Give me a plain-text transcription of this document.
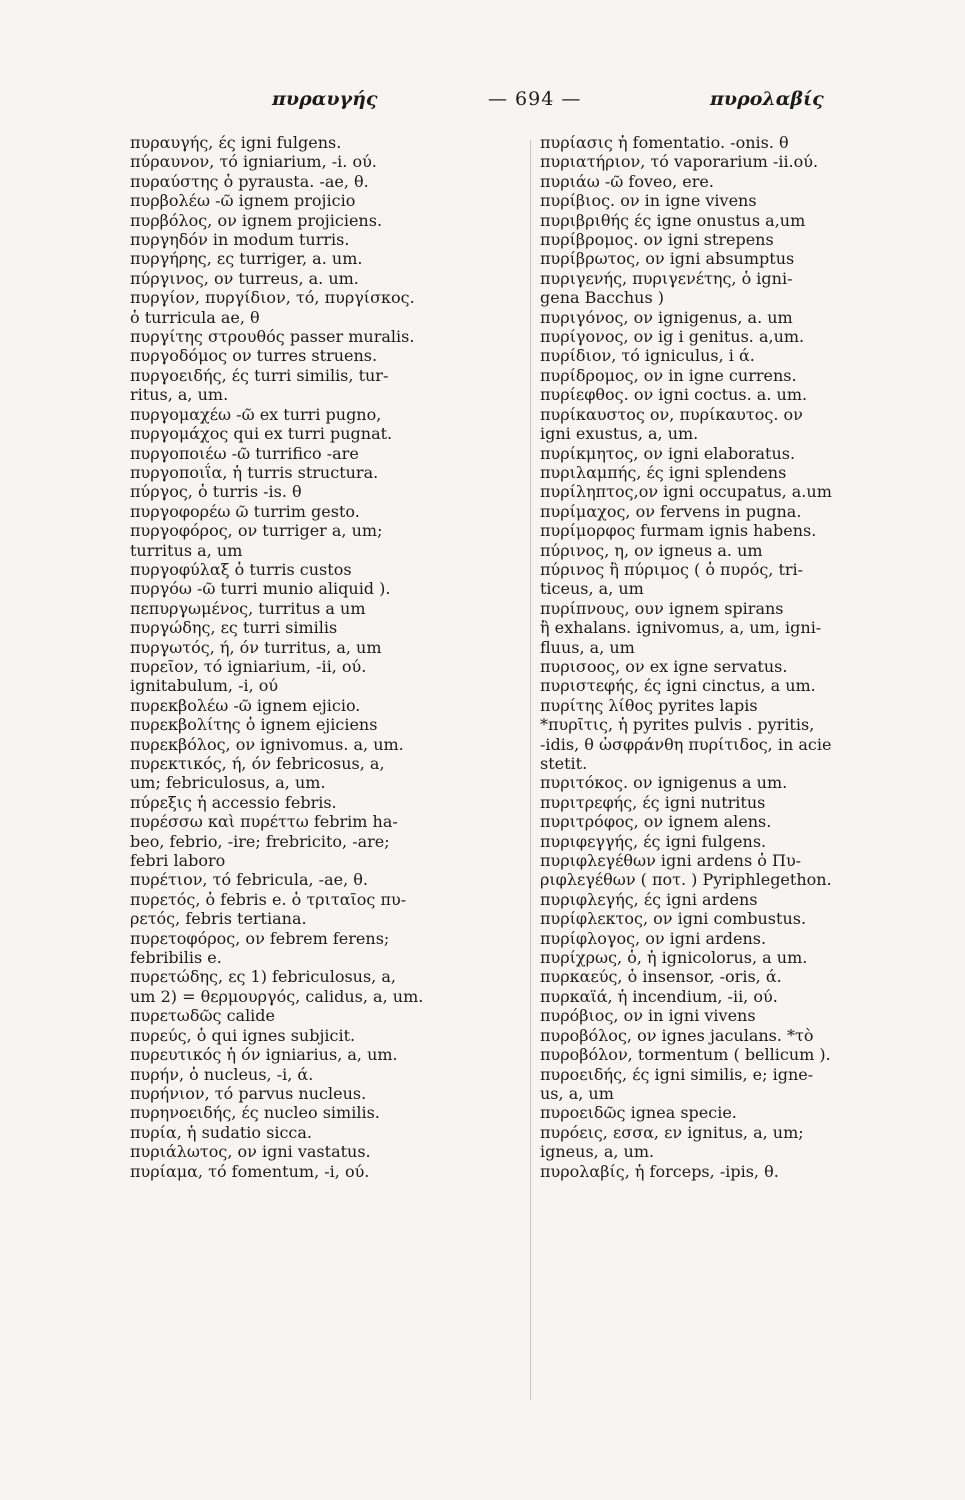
πυραυγής	— 694 —	πυρολαβίς
πυραυγής, ές igni fulgens.
πύραυνον, τό igniarium, -i. ού.
πυραύστης ὁ pyrausta. -ae, θ.
πυρβολέω -ῶ ignem projicio
πυρβόλος, ον ignem projiciens.
πυργηδόν in modum turris.
πυργήρης, ες turriger, a. um.
πύργινος, ον turreus, a. um.
πυργίον, πυργίδιον, τό, πυργίσκος.
ὁ turricula ae, θ
πυργίτης στρουθός passer muralis.
πυργοδόμος ον turres struens.
πυργοειδής, ές turri similis, tur-
ritus, a, um.
πυργομαχέω -ῶ ex turri pugno,
πυργομάχος qui ex turri pugnat.
πυργοποιέω -ῶ turrifico -are
πυργοποιΐα, ἡ turris structura.
πύργος, ὁ turris -is. θ
πυργοφορέω ῶ turrim gesto.
πυργοφόρος, ον turriger a, um;
turritus a, um
πυργοφύλαξ ὁ turris custos
πυργόω -ῶ turri munio aliquid ).
πεπυργωμένος, turritus a um
πυργώδης, ες turri similis
πυργωτός, ή, όν turritus, a, um
πυρεῖον, τό igniarium, -ii, ού.
ignitabulum, -i, ού
πυρεκβολέω -ῶ ignem ejicio.
πυρεκβολίτης ὁ ignem ejiciens
πυρεκβόλος, ον ignivomus. a, um.
πυρεκτικός, ή, όν febricosus, a,
um; febriculosus, a, um.
πύρεξις ἡ accessio febris.
πυρέσσω καὶ πυρέττω febrim ha-
beo, febrio, -ire; frebricito, -are;
febri laboro
πυρέτιον, τό febricula, -ae, θ.
πυρετός, ὁ febris e. ὁ τριταῖος πυ-
ρετός, febris tertiana.
πυρετοφόρος, ον febrem ferens;
febribilis e.
πυρετώδης, ες 1) febriculosus, a,
um 2) = θερμουργός, calidus, a, um.
πυρετωδῶς calide
πυρεύς, ὁ qui ignes subjicit.
πυρευτικός ἡ όν igniarius, a, um.
πυρήν, ὁ nucleus, -i, ά.
πυρήνιον, τό parvus nucleus.
πυρηνοειδής, ές nucleo similis.
πυρία, ἡ sudatio sicca.
πυριάλωτος, ον igni vastatus.
πυρίαμα, τό fomentum, -i, ού.
πυρίασις ἡ fomentatio. -onis. θ
πυριατήριον, τό vaporarium -ii.ού.
πυριάω -ῶ foveo, ere.
πυρίβιος. ον in igne vivens
πυριβριθής ές igne onustus a,um
πυρίβρομος. ον igni strepens
πυρίβρωτος, ον igni absumptus
πυριγενής, πυριγενέτης, ὁ igni-
gena Bacchus )
πυριγόνος, ον ignigenus, a. um
πυρίγονος, ον ig i genitus. a,um.
πυρίδιον, τό igniculus, i ά.
πυρίδρομος, ον in igne currens.
πυρίεφθος. ον igni coctus. a. um.
πυρίκαυστος ον, πυρίκαυτος. ον
igni exustus, a, um.
πυρίκμητος, ον igni elaboratus.
πυριλαμπής, ές igni splendens
πυρίληπτος,ον igni occupatus, a.um
πυρίμαχος, ον fervens in pugna.
πυρίμορφος furmam ignis habens.
πύρινος, η, ον igneus a. um
πύρινος ἢ πύριμος ( ὁ πυρός, tri-
ticeus, a, um
πυρίπνους, ουν ignem spirans
ἢ exhalans. ignivomus, a, um, igni-
fluus, a, um
πυρισοος, ον ex igne servatus.
πυριστεφής, ές igni cinctus, a um.
πυρίτης λίθος pyrites lapis
*πυρῖτις, ἡ pyrites pulvis . pyritis,
-idis, θ ὡσφράνθη πυρίτιδος, in acie
stetit.
πυριτόκος. ον ignigenus a um.
πυριτρεφής, ές igni nutritus
πυριτρόφος, ον ignem alens.
πυριφεγγής, ές igni fulgens.
πυριφλεγέθων igni ardens ὁ Πυ-
ριφλεγέθων ( ποτ. ) Pyriphlegethon.
πυριφλεγής, ές igni ardens
πυρίφλεκτος, ον igni combustus.
πυρίφλογος, ον igni ardens.
πυρίχρως, ὁ, ἡ ignicolorus, a um.
πυρκαεύς, ὁ insensor, -oris, ά.
πυρκαϊά, ἡ incendium, -ii, ού.
πυρόβιος, ον in igni vivens
πυροβόλος, ον ignes jaculans. *τὸ
πυροβόλον, tormentum ( bellicum ).
πυροειδής, ές igni similis, e; igne-
us, a, um
πυροειδῶς ignea specie.
πυρόεις, εσσα, εν ignitus, a, um;
igneus, a, um.
πυρολαβίς, ἡ forceps, -ipis, θ.
